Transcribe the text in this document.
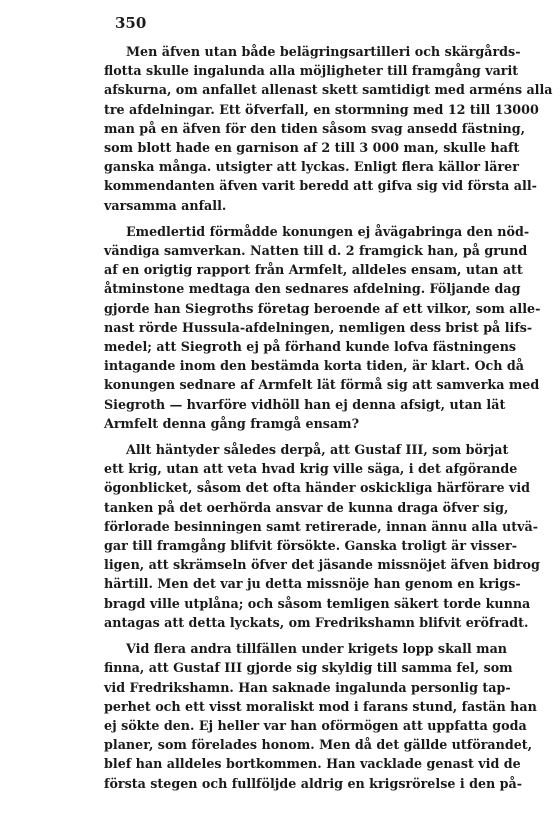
350
Men äfven utan både belägringsartilleri och skärgårds-
flotta skulle ingalunda alla möjligheter till framgång varit
afskurna, om anfallet allenast skett samtidigt med arméns alla
tre afdelningar. Ett öfverfall, en stormning med 12 till 13000
man på en äfven för den tiden såsom svag ansedd fästning,
som blott hade en garnison af 2 till 3 000 man, skulle haft
ganska många. utsigter att lyckas. Enligt flera källor lärer
kommendanten äfven varit beredd att gifva sig vid första all-
varsamma anfall.
Emedlertid förmådde konungen ej åvägabringa den nöd-
vändiga samverkan. Natten till d. 2 framgick han, på grund
af en origtig rapport från Armfelt, alldeles ensam, utan att
åtminstone medtaga den sednares afdelning. Följande dag
gjorde han Siegroths företag beroende af ett vilkor, som alle-
nast rörde Hussula-afdelningen, nemligen dess brist på lifs-
medel; att Siegroth ej på förhand kunde lofva fästningens
intagande inom den bestämda korta tiden, är klart. Och då
konungen sednare af Armfelt lät förmå sig att samverka med
Siegroth — hvarföre vidhöll han ej denna afsigt, utan lät
Armfelt denna gång framgå ensam?
Allt häntyder således derpå, att Gustaf III, som börjat
ett krig, utan att veta hvad krig ville säga, i det afgörande
ögonblicket, såsom det ofta händer oskickliga härförare vid
tanken på det oerhörda ansvar de kunna draga öfver sig,
förlorade besinningen samt retirerade, innan ännu alla utvä-
gar till framgång blifvit försökte. Ganska troligt är visser-
ligen, att skrämseln öfver det jäsande missnöjet äfven bidrog
härtill. Men det var ju detta missnöje han genom en krigs-
bragd ville utplåna; och såsom temligen säkert torde kunna
antagas att detta lyckats, om Fredrikshamn blifvit eröfradt.
Vid flera andra tillfällen under krigets lopp skall man
finna, att Gustaf III gjorde sig skyldig till samma fel, som
vid Fredrikshamn. Han saknade ingalunda personlig tap-
perhet och ett visst moraliskt mod i farans stund, fastän han
ej sökte den. Ej heller var han oförmögen att uppfatta goda
planer, som förelades honom. Men då det gällde utförandet,
blef han alldeles bortkommen. Han vacklade genast vid de
första stegen och fullföljde aldrig en krigsrörelse i den på-
